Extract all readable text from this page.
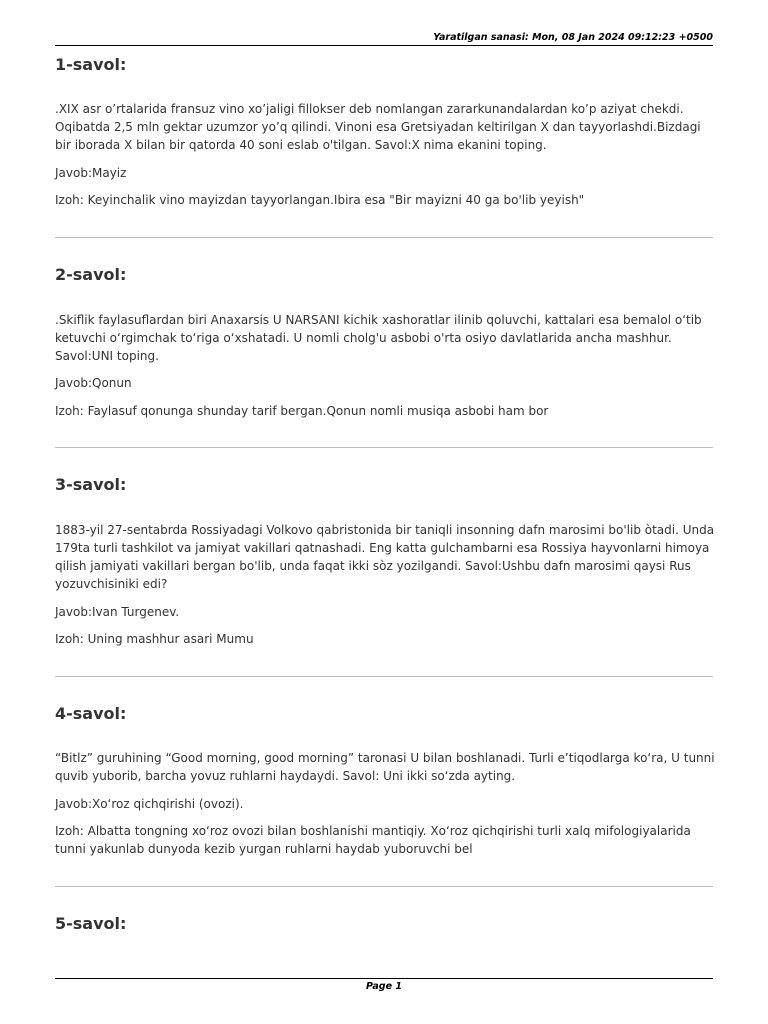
Yaratilgan sanasi: Mon, 08 Jan 2024 09:12:23 +0500
1-savol:

.XIX asr o’rtalarida fransuz vino xo’jaligi fillokser deb nomlangan zararkunandalardan ko’p aziyat chekdi. Oqibatda 2,5 mln gektar uzumzor yo’q qilindi. Vinoni esa Gretsiyadan keltirilgan X dan tayyorlashdi.Bizdagi bir iborada X bilan bir qatorda 40 soni eslab o'tilgan. Savol:X nima ekanini toping.

Javob:Mayiz

Izoh: Keyinchalik vino mayizdan tayyorlangan.Ibira esa "Bir mayizni 40 ga bo'lib yeyish"

2-savol:

.Skiflik faylasuflardan biri Anaxarsis U NARSANI kichik xashoratlar ilinib qoluvchi, kattalari esa bemalol o‘tib ketuvchi o‘rgimchak to‘riga o‘xshatadi. U nomli cholg'u asbobi o'rta osiyo davlatlarida ancha mashhur. Savol:UNI toping.

Javob:Qonun

Izoh: Faylasuf qonunga shunday tarif bergan.Qonun nomli musiqa asbobi ham bor

3-savol:

1883-yil 27-sentabrda Rossiyadagi Volkovo qabristonida bir taniqli insonning dafn marosimi bo'lib òtadi. Unda 179ta turli tashkilot va jamiyat vakillari qatnashadi. Eng katta gulchambarni esa Rossiya hayvonlarni himoya qilish jamiyati vakillari bergan bo'lib, unda faqat ikki sòz yozilgandi. Savol:Ushbu dafn marosimi qaysi Rus yozuvchisiniki edi?

Javob:Ivan Turgenev.

Izoh: Uning mashhur asari Mumu

4-savol:

“Bitlz” guruhining “Good morning, good morning” taronasi U bilan boshlanadi. Turli e’tiqodlarga ko‘ra, U tunni quvib yuborib, barcha yovuz ruhlarni haydaydi. Savol: Uni ikki so‘zda ayting.

Javob:Xo‘roz qichqirishi (ovozi).

Izoh: Albatta tongning xo‘roz ovozi bilan boshlanishi mantiqiy. Xo‘roz qichqirishi turli xalq mifologiyalarida tunni yakunlab dunyoda kezib yurgan ruhlarni haydab yuboruvchi bel

5-savol:
Page 1
